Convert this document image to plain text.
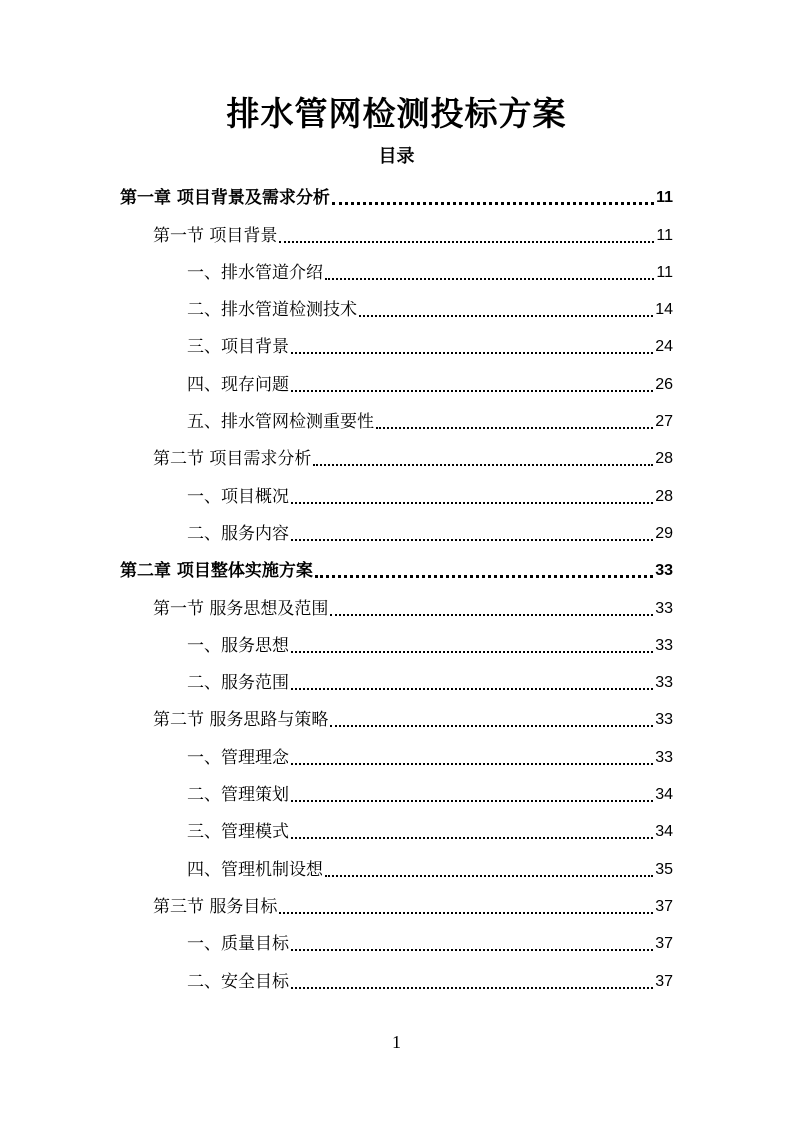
排水管网检测投标方案
目录
第一章 项目背景及需求分析	11
第一节 项目背景	11
一、排水管道介绍	11
二、排水管道检测技术	14
三、项目背景	24
四、现存问题	26
五、排水管网检测重要性	27
第二节 项目需求分析	28
一、项目概况	28
二、服务内容	29
第二章 项目整体实施方案	33
第一节 服务思想及范围	33
一、服务思想	33
二、服务范围	33
第二节 服务思路与策略	33
一、管理理念	33
二、管理策划	34
三、管理模式	34
四、管理机制设想	35
第三节 服务目标	37
一、质量目标	37
二、安全目标	37
1
